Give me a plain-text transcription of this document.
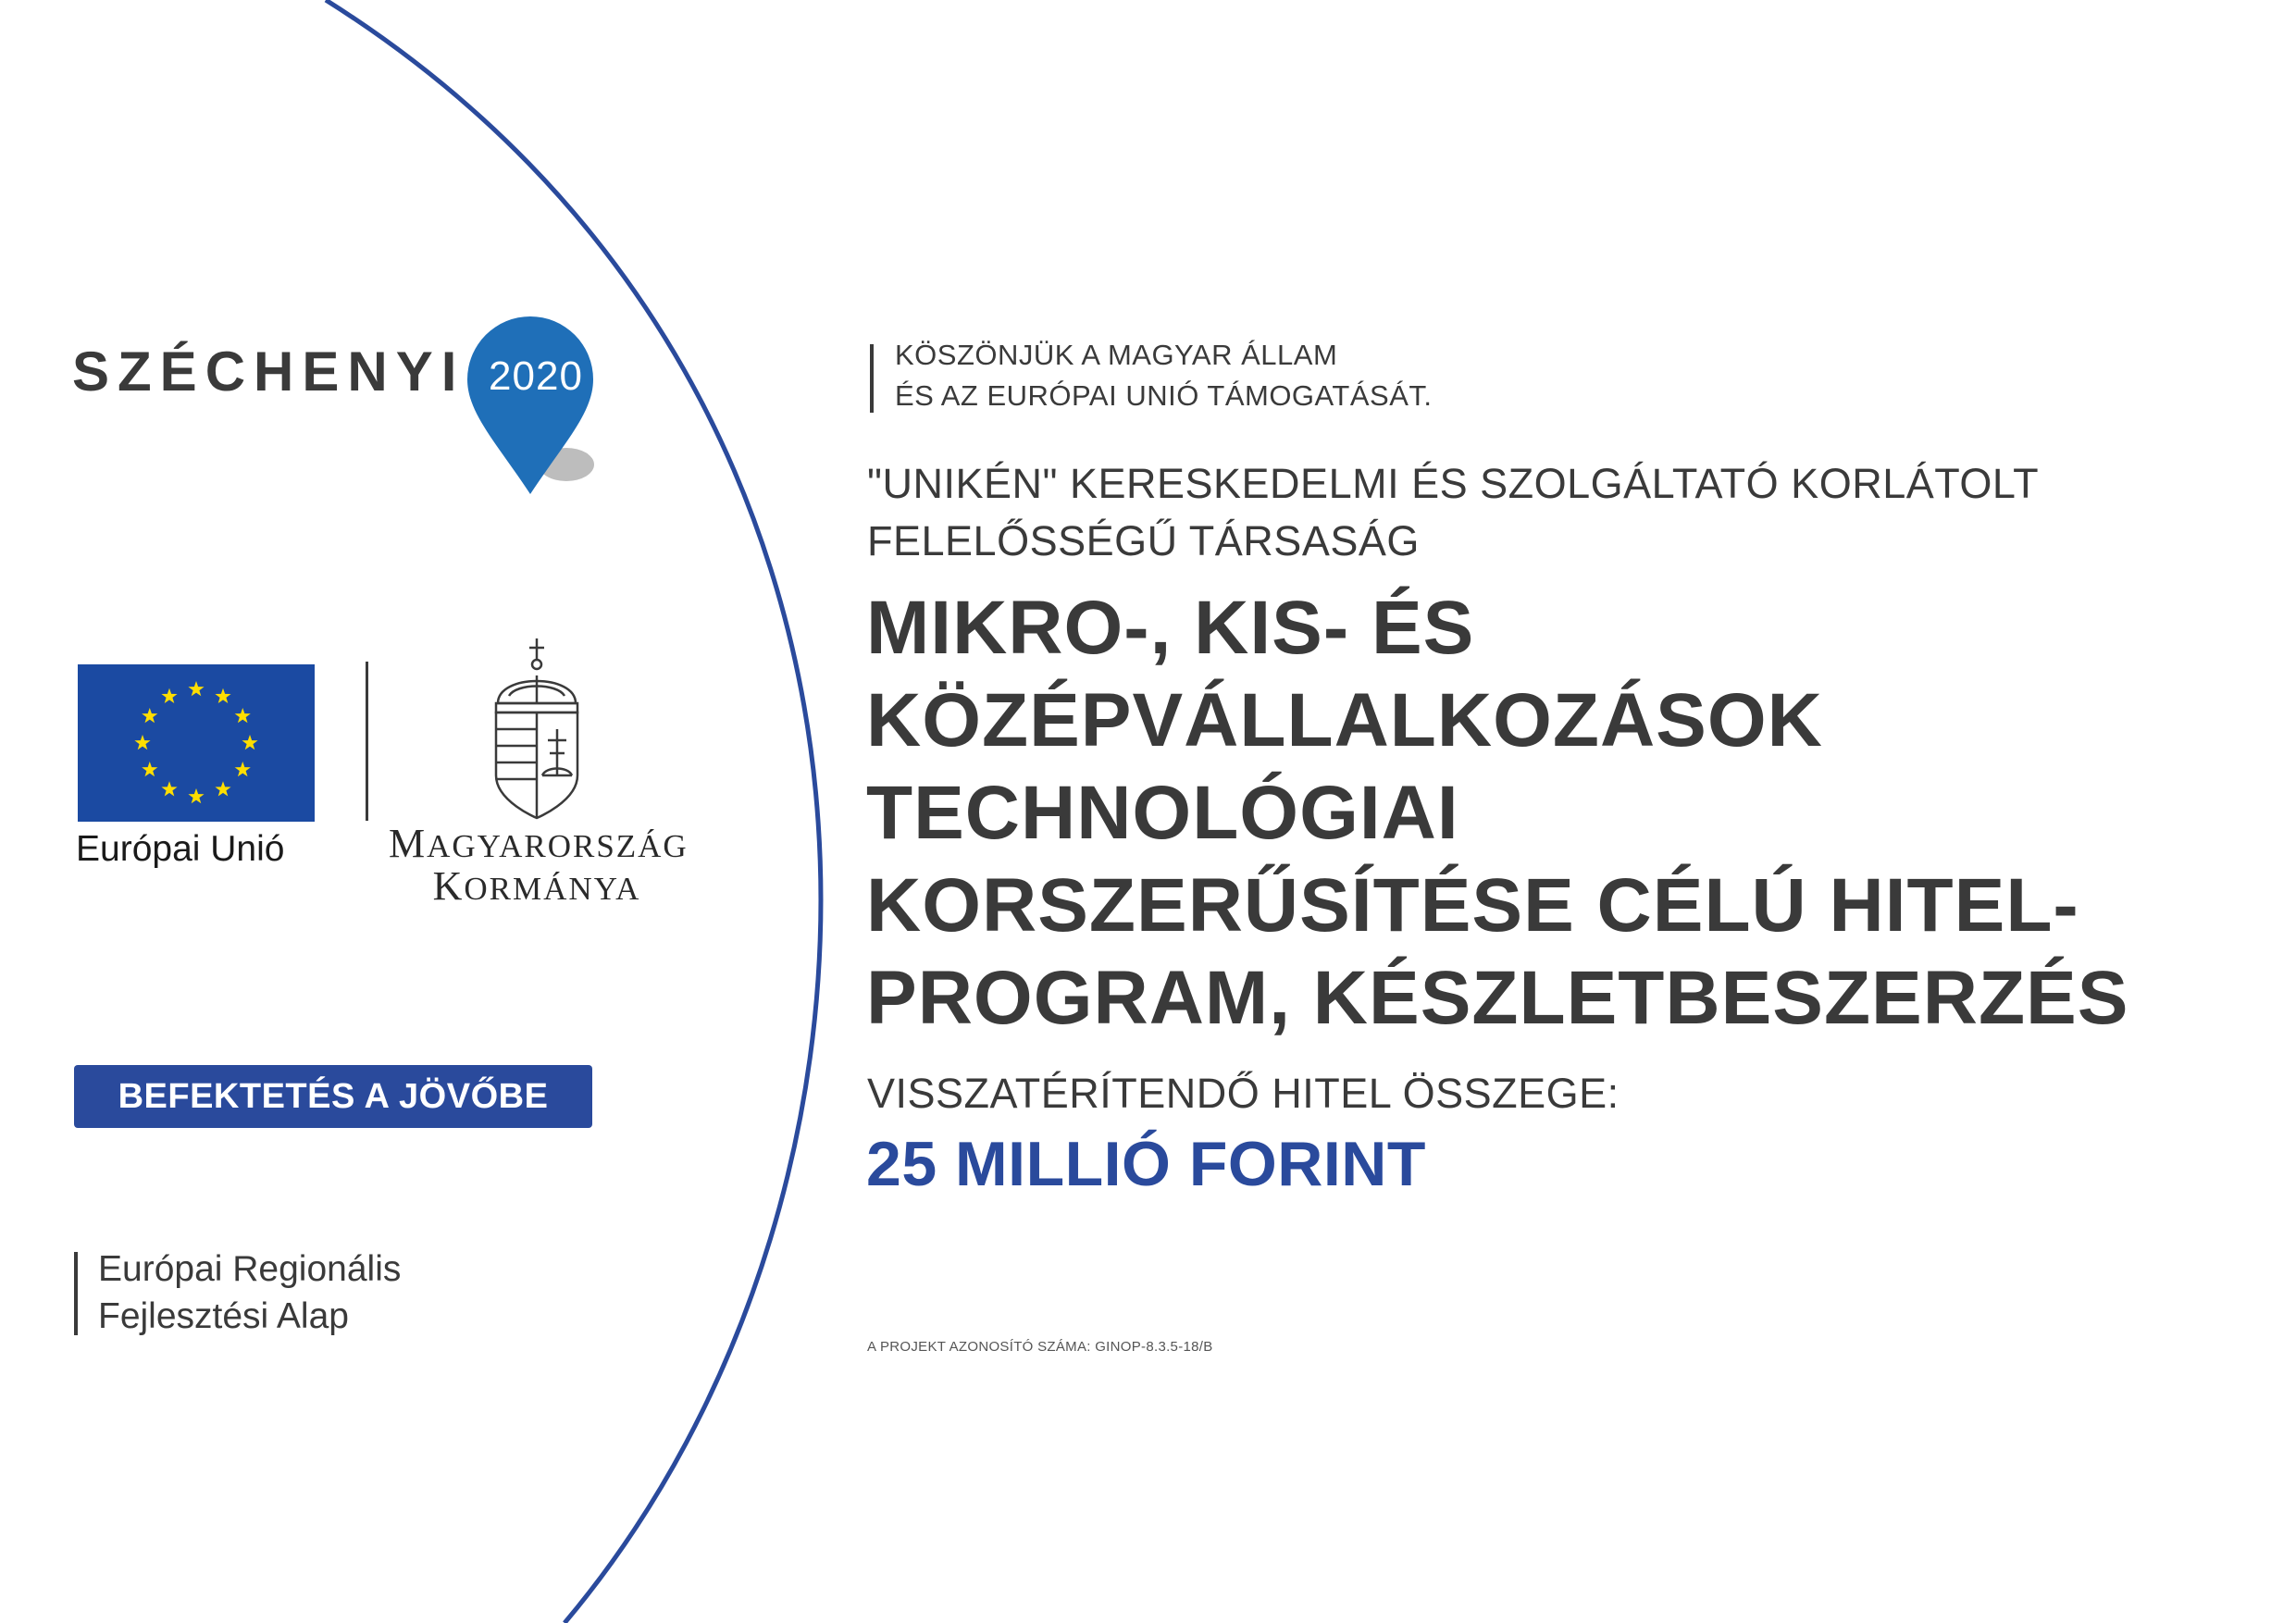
SZÉCHENYI 2020
Európai Unió	MAGYARORSZÁG
KORMÁNYA
BEFEKTETÉS A JÖVŐBE
Európai Regionális
Fejlesztési Alap
KÖSZÖNJÜK A MAGYAR ÁLLAM
ÉS AZ EURÓPAI UNIÓ TÁMOGATÁSÁT.
"UNIKÉN" KERESKEDELMI ÉS SZOLGÁLTATÓ KORLÁTOLT
FELELŐSSÉGŰ TÁRSASÁG
MIKRO-, KIS- ÉS
KÖZÉPVÁLLALKOZÁSOK
TECHNOLÓGIAI
KORSZERŰSÍTÉSE CÉLÚ HITEL-
PROGRAM, KÉSZLETBESZERZÉS
VISSZATÉRÍTENDŐ HITEL ÖSSZEGE:
25 MILLIÓ FORINT
A PROJEKT AZONOSÍTÓ SZÁMA: GINOP-8.3.5-18/B
